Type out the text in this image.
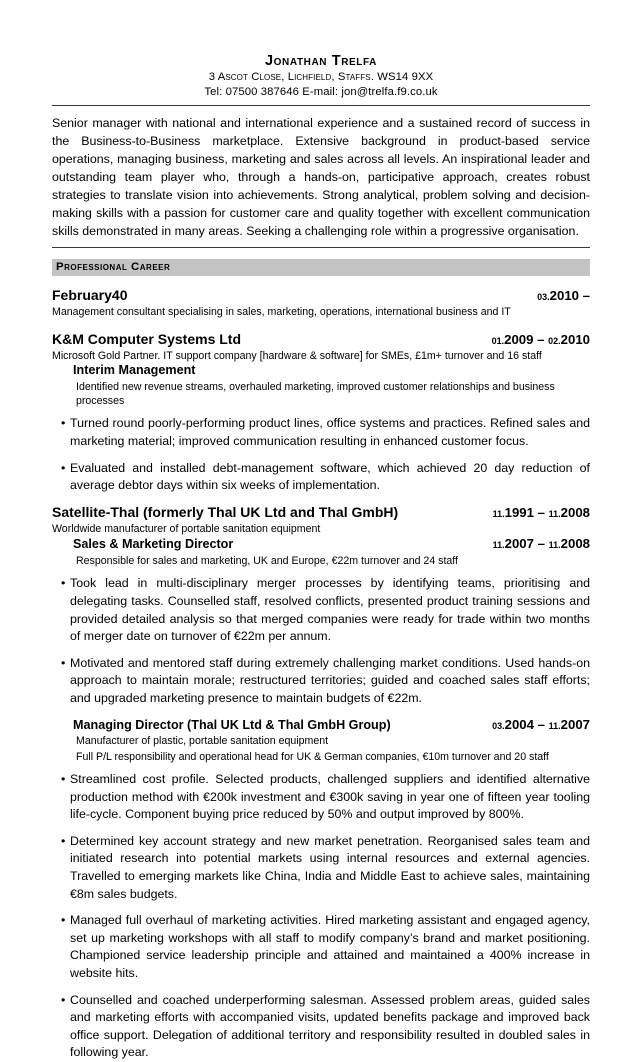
Jonathan Trelfa
3 Ascot Close, Lichfield, Staffs. WS14 9XX
Tel: 07500 387646 E-mail: jon@trelfa.f9.co.uk
Senior manager with national and international experience and a sustained record of success in the Business-to-Business marketplace. Extensive background in product-based service operations, managing business, marketing and sales across all levels. An inspirational leader and outstanding team player who, through a hands-on, participative approach, creates robust strategies to translate vision into achievements. Strong analytical, problem solving and decision-making skills with a passion for customer care and quality together with excellent communication skills demonstrated in many areas. Seeking a challenging role within a progressive organisation.
Professional Career
February40	03.2010 –
Management consultant specialising in sales, marketing, operations, international business and IT
K&M Computer Systems Ltd	01.2009 – 02.2010
Microsoft Gold Partner. IT support company [hardware & software] for SMEs, £1m+ turnover and 16 staff
Interim Management
Identified new revenue streams, overhauled marketing, improved customer relationships and business processes
• Turned round poorly-performing product lines, office systems and practices. Refined sales and marketing material; improved communication resulting in enhanced customer focus.
• Evaluated and installed debt-management software, which achieved 20 day reduction of average debtor days within six weeks of implementation.
Satellite-Thal (formerly Thal UK Ltd and Thal GmbH)	11.1991 – 11.2008
Worldwide manufacturer of portable sanitation equipment
Sales & Marketing Director	11.2007 – 11.2008
Responsible for sales and marketing, UK and Europe, €22m turnover and 24 staff
• Took lead in multi-disciplinary merger processes by identifying teams, prioritising and delegating tasks. Counselled staff, resolved conflicts, presented product training sessions and provided detailed analysis so that merged companies were ready for trade within two months of merger date on turnover of €22m per annum.
• Motivated and mentored staff during extremely challenging market conditions. Used hands-on approach to maintain morale; restructured territories; guided and coached sales staff efforts; and upgraded marketing presence to maintain budgets of €22m.
Managing Director (Thal UK Ltd & Thal GmbH Group)	03.2004 – 11.2007
Manufacturer of plastic, portable sanitation equipment
Full P/L responsibility and operational head for UK & German companies, €10m turnover and 20 staff
• Streamlined cost profile. Selected products, challenged suppliers and identified alternative production method with €200k investment and €300k saving in year one of fifteen year tooling life-cycle. Component buying price reduced by 50% and output improved by 800%.
• Determined key account strategy and new market penetration. Reorganised sales team and initiated research into potential markets using internal resources and external agencies. Travelled to emerging markets like China, India and Middle East to achieve sales, maintaining €8m sales budgets.
• Managed full overhaul of marketing activities. Hired marketing assistant and engaged agency, set up marketing workshops with all staff to modify company’s brand and market positioning. Championed service leadership principle and attained and maintained a 400% increase in website hits.
• Counselled and coached underperforming salesman. Assessed problem areas, guided sales and marketing efforts with accompanied visits, updated benefits package and improved back office support. Delegation of additional territory and responsibility resulted in doubled sales in following year.
